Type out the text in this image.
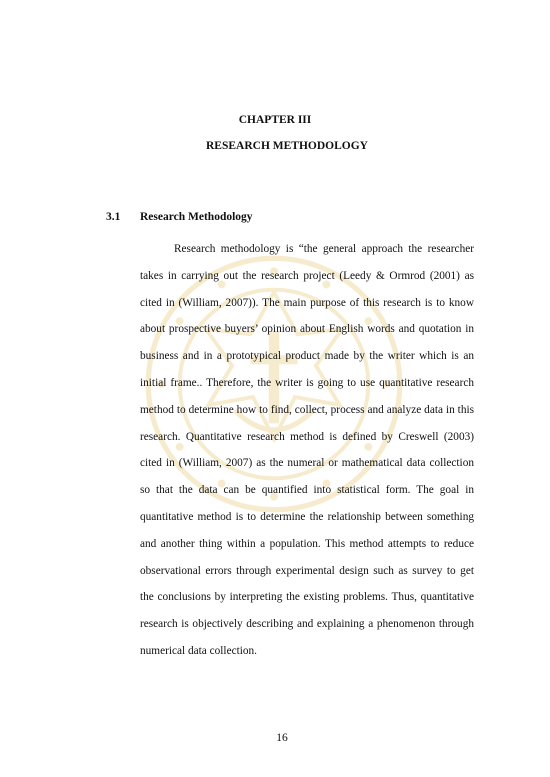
CHAPTER III

RESEARCH METHODOLOGY

3.1 Research Methodology

Research methodology is “the general approach the researcher takes in carrying out the research project (Leedy & Ormrod (2001) as cited in (William, 2007)). The main purpose of this research is to know about prospective buyers’ opinion about English words and quotation in business and in a prototypical product made by the writer which is an initial frame.. Therefore, the writer is going to use quantitative research method to determine how to find, collect, process and analyze data in this research. Quantitative research method is defined by Creswell (2003) cited in (William, 2007) as the numeral or mathematical data collection so that the data can be quantified into statistical form. The goal in quantitative method is to determine the relationship between something and another thing within a population. This method attempts to reduce observational errors through experimental design such as survey to get the conclusions by interpreting the existing problems. Thus, quantitative research is objectively describing and explaining a phenomenon through numerical data collection.

16
